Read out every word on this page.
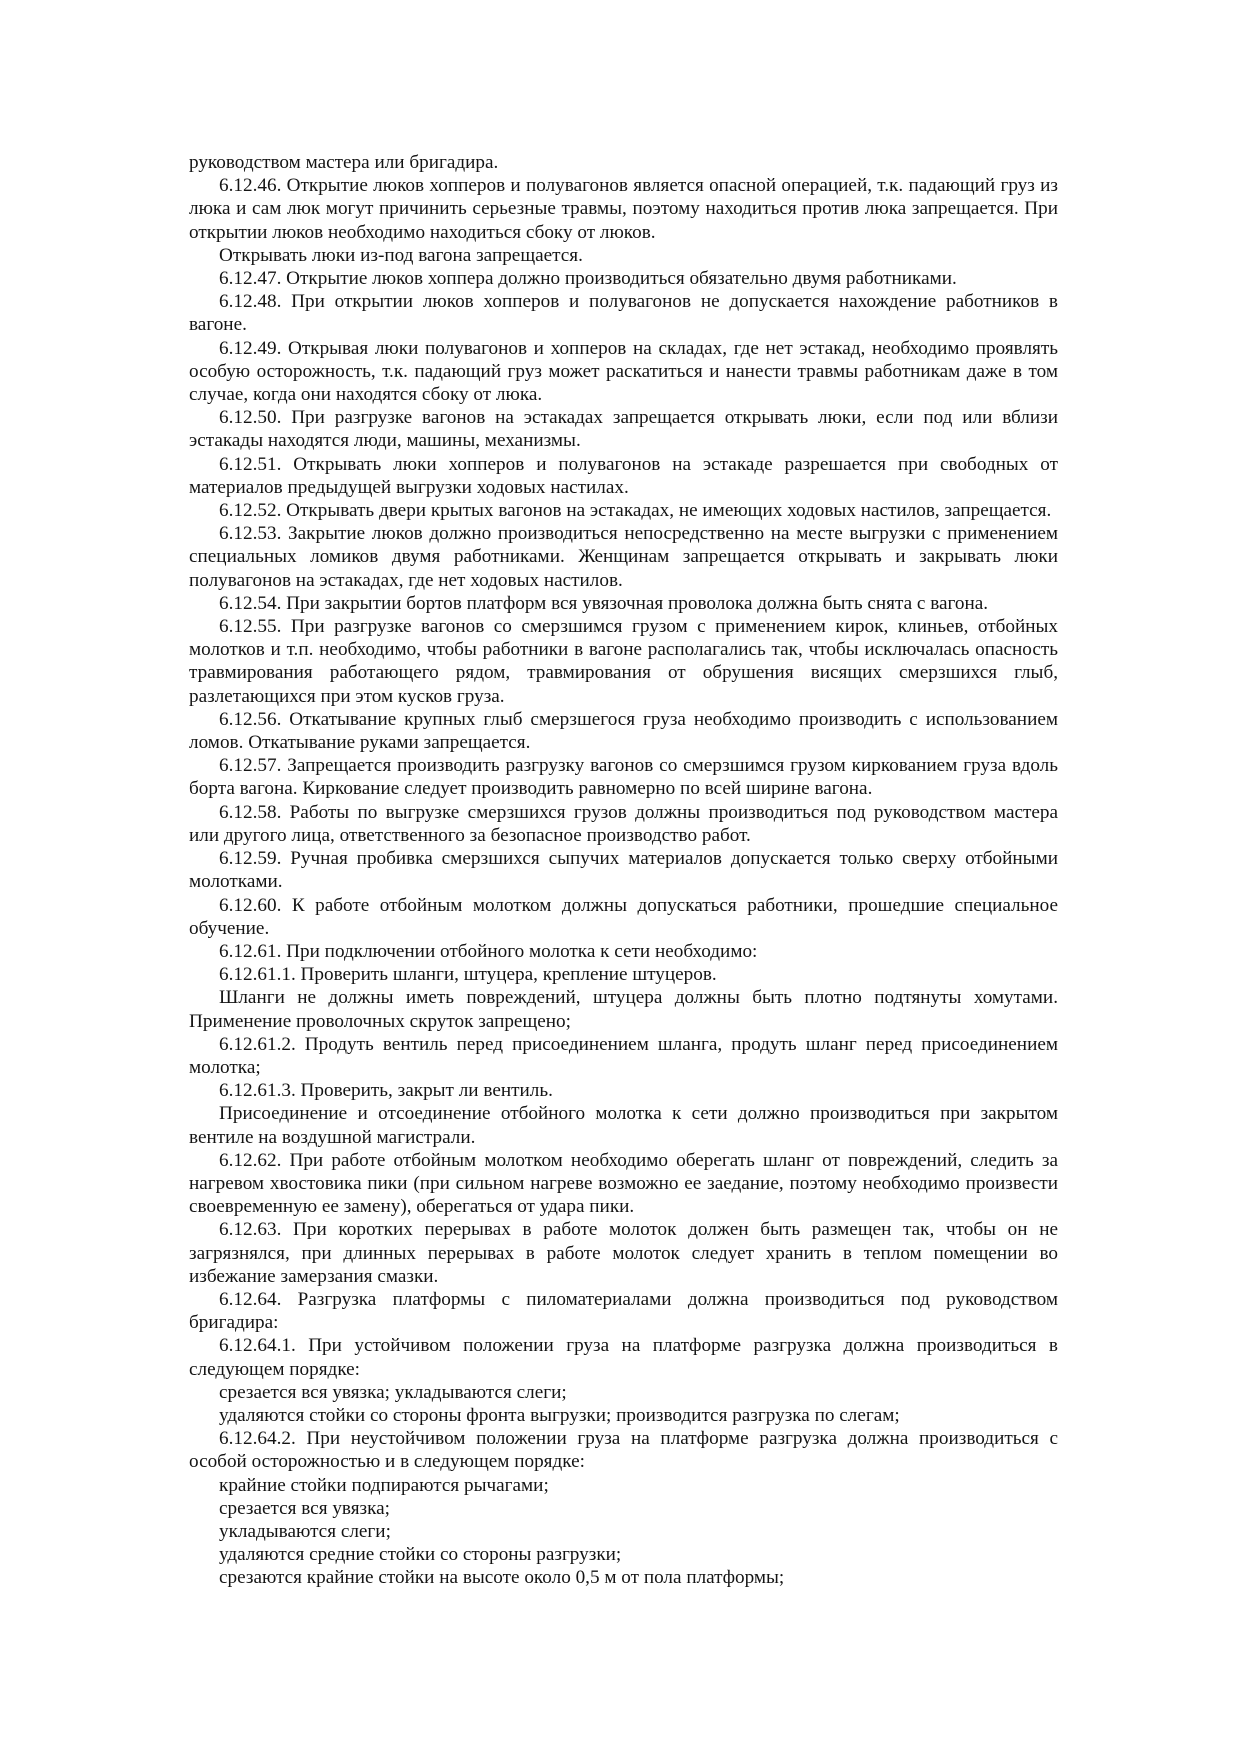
руководством мастера или бригадира.

6.12.46. Открытие люков хопперов и полувагонов является опасной операцией, т.к. падающий груз из люка и сам люк могут причинить серьезные травмы, поэтому находиться против люка запрещается. При открытии люков необходимо находиться сбоку от люков.

Открывать люки из-под вагона запрещается.

6.12.47. Открытие люков хоппера должно производиться обязательно двумя работниками.

6.12.48. При открытии люков хопперов и полувагонов не допускается нахождение работников в вагоне.

6.12.49. Открывая люки полувагонов и хопперов на складах, где нет эстакад, необходимо проявлять особую осторожность, т.к. падающий груз может раскатиться и нанести травмы работникам даже в том случае, когда они находятся сбоку от люка.

6.12.50. При разгрузке вагонов на эстакадах запрещается открывать люки, если под или вблизи эстакады находятся люди, машины, механизмы.

6.12.51. Открывать люки хопперов и полувагонов на эстакаде разрешается при свободных от материалов предыдущей выгрузки ходовых настилах.

6.12.52. Открывать двери крытых вагонов на эстакадах, не имеющих ходовых настилов, запрещается.

6.12.53. Закрытие люков должно производиться непосредственно на месте выгрузки с применением специальных ломиков двумя работниками. Женщинам запрещается открывать и закрывать люки полувагонов на эстакадах, где нет ходовых настилов.

6.12.54. При закрытии бортов платформ вся увязочная проволока должна быть снята с вагона.

6.12.55. При разгрузке вагонов со смерзшимся грузом с применением кирок, клиньев, отбойных молотков и т.п. необходимо, чтобы работники в вагоне располагались так, чтобы исключалась опасность травмирования работающего рядом, травмирования от обрушения висящих смерзшихся глыб, разлетающихся при этом кусков груза.

6.12.56. Откатывание крупных глыб смерзшегося груза необходимо производить с использованием ломов. Откатывание руками запрещается.

6.12.57. Запрещается производить разгрузку вагонов со смерзшимся грузом киркованием груза вдоль борта вагона. Киркование следует производить равномерно по всей ширине вагона.

6.12.58. Работы по выгрузке смерзшихся грузов должны производиться под руководством мастера или другого лица, ответственного за безопасное производство работ.

6.12.59. Ручная пробивка смерзшихся сыпучих материалов допускается только сверху отбойными молотками.

6.12.60. К работе отбойным молотком должны допускаться работники, прошедшие специальное обучение.

6.12.61. При подключении отбойного молотка к сети необходимо:

6.12.61.1. Проверить шланги, штуцера, крепление штуцеров.

Шланги не должны иметь повреждений, штуцера должны быть плотно подтянуты хомутами. Применение проволочных скруток запрещено;

6.12.61.2. Продуть вентиль перед присоединением шланга, продуть шланг перед присоединением молотка;

6.12.61.3. Проверить, закрыт ли вентиль.

Присоединение и отсоединение отбойного молотка к сети должно производиться при закрытом вентиле на воздушной магистрали.

6.12.62. При работе отбойным молотком необходимо оберегать шланг от повреждений, следить за нагревом хвостовика пики (при сильном нагреве возможно ее заедание, поэтому необходимо произвести своевременную ее замену), оберегаться от удара пики.

6.12.63. При коротких перерывах в работе молоток должен быть размещен так, чтобы он не загрязнялся, при длинных перерывах в работе молоток следует хранить в теплом помещении во избежание замерзания смазки.

6.12.64. Разгрузка платформы с пиломатериалами должна производиться под руководством бригадира:

6.12.64.1. При устойчивом положении груза на платформе разгрузка должна производиться в следующем порядке:

срезается вся увязка; укладываются слеги;

удаляются стойки со стороны фронта выгрузки; производится разгрузка по слегам;

6.12.64.2. При неустойчивом положении груза на платформе разгрузка должна производиться с особой осторожностью и в следующем порядке:

крайние стойки подпираются рычагами;

срезается вся увязка;

укладываются слеги;

удаляются средние стойки со стороны разгрузки;

срезаются крайние стойки на высоте около 0,5 м от пола платформы;
